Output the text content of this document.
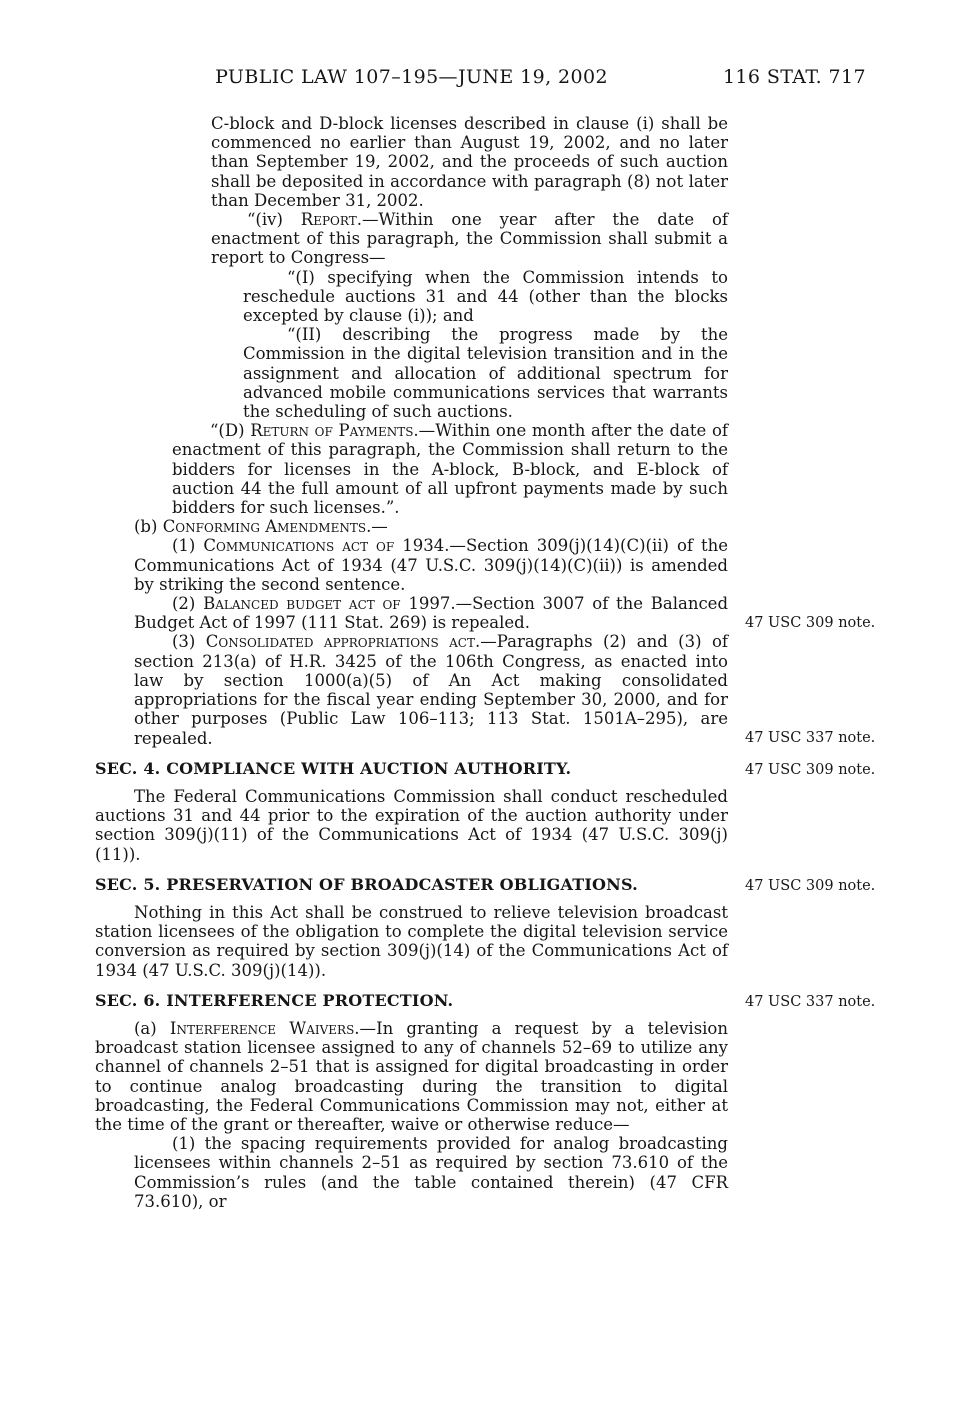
PUBLIC LAW 107–195—JUNE 19, 2002	116 STAT. 717
C-block and D-block licenses described in clause (i) shall be commenced no earlier than August 19, 2002, and no later than September 19, 2002, and the proceeds of such auction shall be deposited in accordance with paragraph (8) not later than December 31, 2002.
“(iv) Report.—Within one year after the date of enactment of this paragraph, the Commission shall submit a report to Congress—
“(I) specifying when the Commission intends to reschedule auctions 31 and 44 (other than the blocks excepted by clause (i)); and
“(II) describing the progress made by the Commission in the digital television transition and in the assignment and allocation of additional spectrum for advanced mobile communications services that warrants the scheduling of such auctions.
“(D) Return of Payments.—Within one month after the date of enactment of this paragraph, the Commission shall return to the bidders for licenses in the A-block, B-block, and E-block of auction 44 the full amount of all upfront payments made by such bidders for such licenses.”.
(b) Conforming Amendments.—
(1) Communications act of 1934.—Section 309(j)(14)(C)(ii) of the Communications Act of 1934 (47 U.S.C. 309(j)(14)(C)(ii)) is amended by striking the second sentence.
(2) Balanced budget act of 1997.—Section 3007 of the Balanced Budget Act of 1997 (111 Stat. 269) is repealed.
(3) Consolidated appropriations act.—Paragraphs (2) and (3) of section 213(a) of H.R. 3425 of the 106th Congress, as enacted into law by section 1000(a)(5) of An Act making consolidated appropriations for the fiscal year ending September 30, 2000, and for other purposes (Public Law 106–113; 113 Stat. 1501A–295), are repealed.
SEC. 4. COMPLIANCE WITH AUCTION AUTHORITY.
The Federal Communications Commission shall conduct rescheduled auctions 31 and 44 prior to the expiration of the auction authority under section 309(j)(11) of the Communications Act of 1934 (47 U.S.C. 309(j)(11)).
SEC. 5. PRESERVATION OF BROADCASTER OBLIGATIONS.
Nothing in this Act shall be construed to relieve television broadcast station licensees of the obligation to complete the digital television service conversion as required by section 309(j)(14) of the Communications Act of 1934 (47 U.S.C. 309(j)(14)).
SEC. 6. INTERFERENCE PROTECTION.
(a) Interference Waivers.—In granting a request by a television broadcast station licensee assigned to any of channels 52–69 to utilize any channel of channels 2–51 that is assigned for digital broadcasting in order to continue analog broadcasting during the transition to digital broadcasting, the Federal Communications Commission may not, either at the time of the grant or thereafter, waive or otherwise reduce—
(1) the spacing requirements provided for analog broadcasting licensees within channels 2–51 as required by section 73.610 of the Commission’s rules (and the table contained therein) (47 CFR 73.610), or
47 USC 309 note.
47 USC 337 note.
47 USC 309 note.
47 USC 309 note.
47 USC 337 note.
